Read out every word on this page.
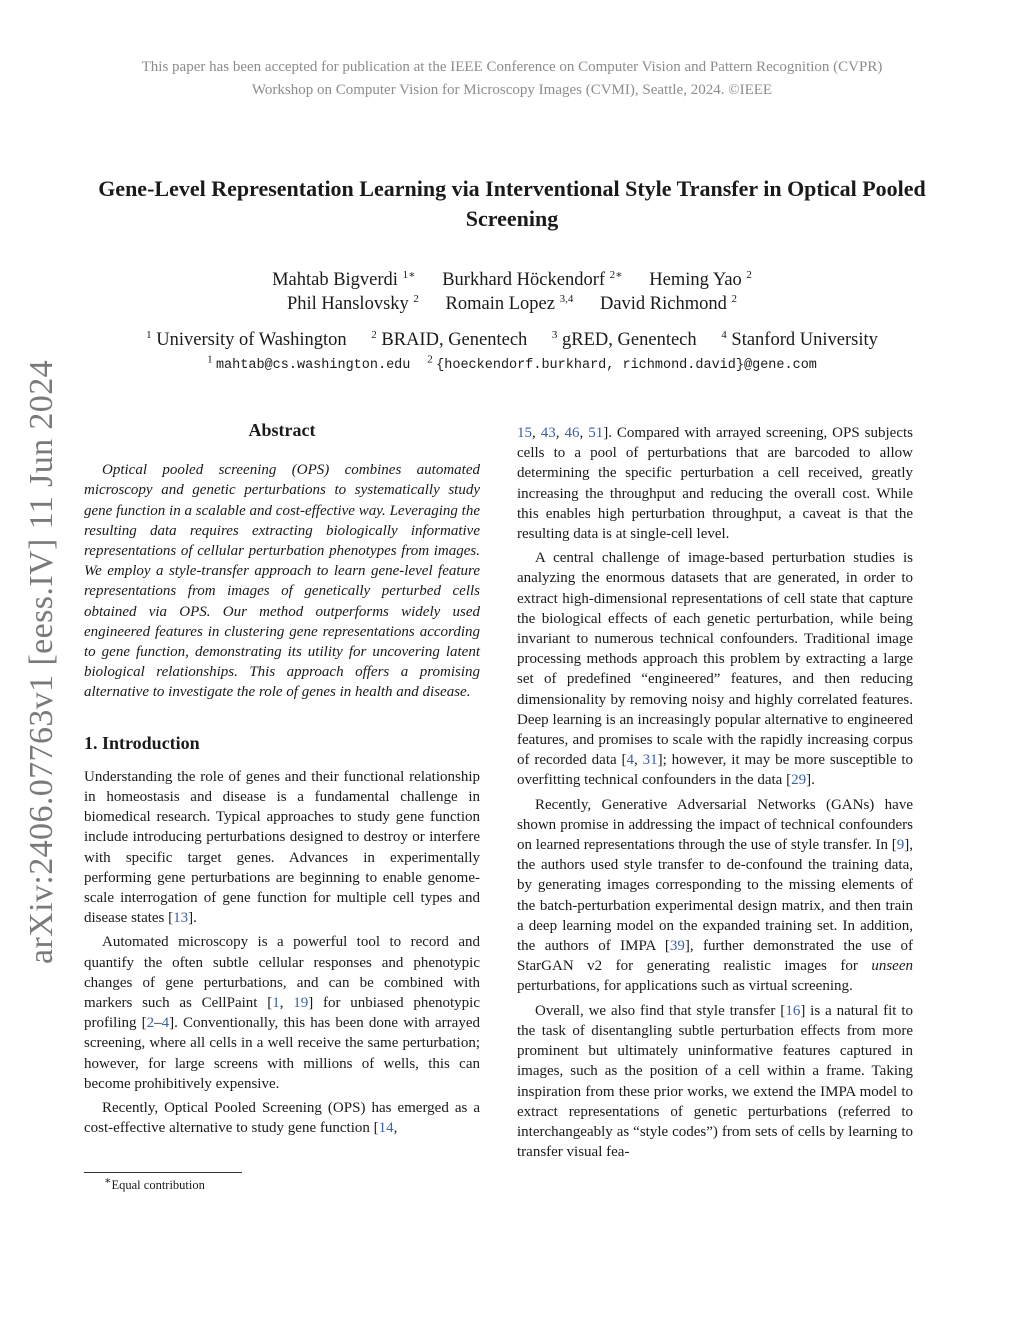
This paper has been accepted for publication at the IEEE Conference on Computer Vision and Pattern Recognition (CVPR)
Workshop on Computer Vision for Microscopy Images (CVMI), Seattle, 2024. ©IEEE
arXiv:2406.07763v1 [eess.IV] 11 Jun 2024
Gene-Level Representation Learning via Interventional Style Transfer in Optical Pooled Screening
Mahtab Bigverdi $^{1∗}$ Burkhard Höckendorf $^{2∗}$ Heming Yao $^2$
Phil Hanslovsky $^2$ Romain Lopez $^{3,4}$ David Richmond $^2$
$^1$ University of Washington $^2$ BRAID, Genentech $^3$ gRED, Genentech $^4$ Stanford University
$^1$ mahtab@cs.washington.edu $^2$ {hoeckendorf.burkhard, richmond.david}@gene.com
Abstract

Optical pooled screening (OPS) combines automated microscopy and genetic perturbations to systematically study gene function in a scalable and cost-effective way. Leveraging the resulting data requires extracting biologically informative representations of cellular perturbation phenotypes from images. We employ a style-transfer approach to learn gene-level feature representations from images of genetically perturbed cells obtained via OPS. Our method outperforms widely used engineered features in clustering gene representations according to gene function, demonstrating its utility for uncovering latent biological relationships. This approach offers a promising alternative to investigate the role of genes in health and disease.

1. Introduction

Understanding the role of genes and their functional relationship in homeostasis and disease is a fundamental challenge in biomedical research. Typical approaches to study gene function include introducing perturbations designed to destroy or interfere with specific target genes. Advances in experimentally performing gene perturbations are beginning to enable genome-scale interrogation of gene function for multiple cell types and disease states [13].

Automated microscopy is a powerful tool to record and quantify the often subtle cellular responses and phenotypic changes of gene perturbations, and can be combined with markers such as CellPaint [1, 19] for unbiased phenotypic profiling [2–4]. Conventionally, this has been done with arrayed screening, where all cells in a well receive the same perturbation; however, for large screens with millions of wells, this can become prohibitively expensive.

Recently, Optical Pooled Screening (OPS) has emerged as a cost-effective alternative to study gene function [14,

∗Equal contribution

15, 43, 46, 51]. Compared with arrayed screening, OPS subjects cells to a pool of perturbations that are barcoded to allow determining the specific perturbation a cell received, greatly increasing the throughput and reducing the overall cost. While this enables high perturbation throughput, a caveat is that the resulting data is at single-cell level.

A central challenge of image-based perturbation studies is analyzing the enormous datasets that are generated, in order to extract high-dimensional representations of cell state that capture the biological effects of each genetic perturbation, while being invariant to numerous technical confounders. Traditional image processing methods approach this problem by extracting a large set of predefined “engineered” features, and then reducing dimensionality by removing noisy and highly correlated features. Deep learning is an increasingly popular alternative to engineered features, and promises to scale with the rapidly increasing corpus of recorded data [4, 31]; however, it may be more susceptible to overfitting technical confounders in the data [29].

Recently, Generative Adversarial Networks (GANs) have shown promise in addressing the impact of technical confounders on learned representations through the use of style transfer. In [9], the authors used style transfer to de-confound the training data, by generating images corresponding to the missing elements of the batch-perturbation experimental design matrix, and then train a deep learning model on the expanded training set. In addition, the authors of IMPA [39], further demonstrated the use of StarGAN v2 for generating realistic images for unseen perturbations, for applications such as virtual screening.

Overall, we also find that style transfer [16] is a natural fit to the task of disentangling subtle perturbation effects from more prominent but ultimately uninformative features captured in images, such as the position of a cell within a frame. Taking inspiration from these prior works, we extend the IMPA model to extract representations of genetic perturbations (referred to interchangeably as “style codes”) from sets of cells by learning to transfer visual fea-
